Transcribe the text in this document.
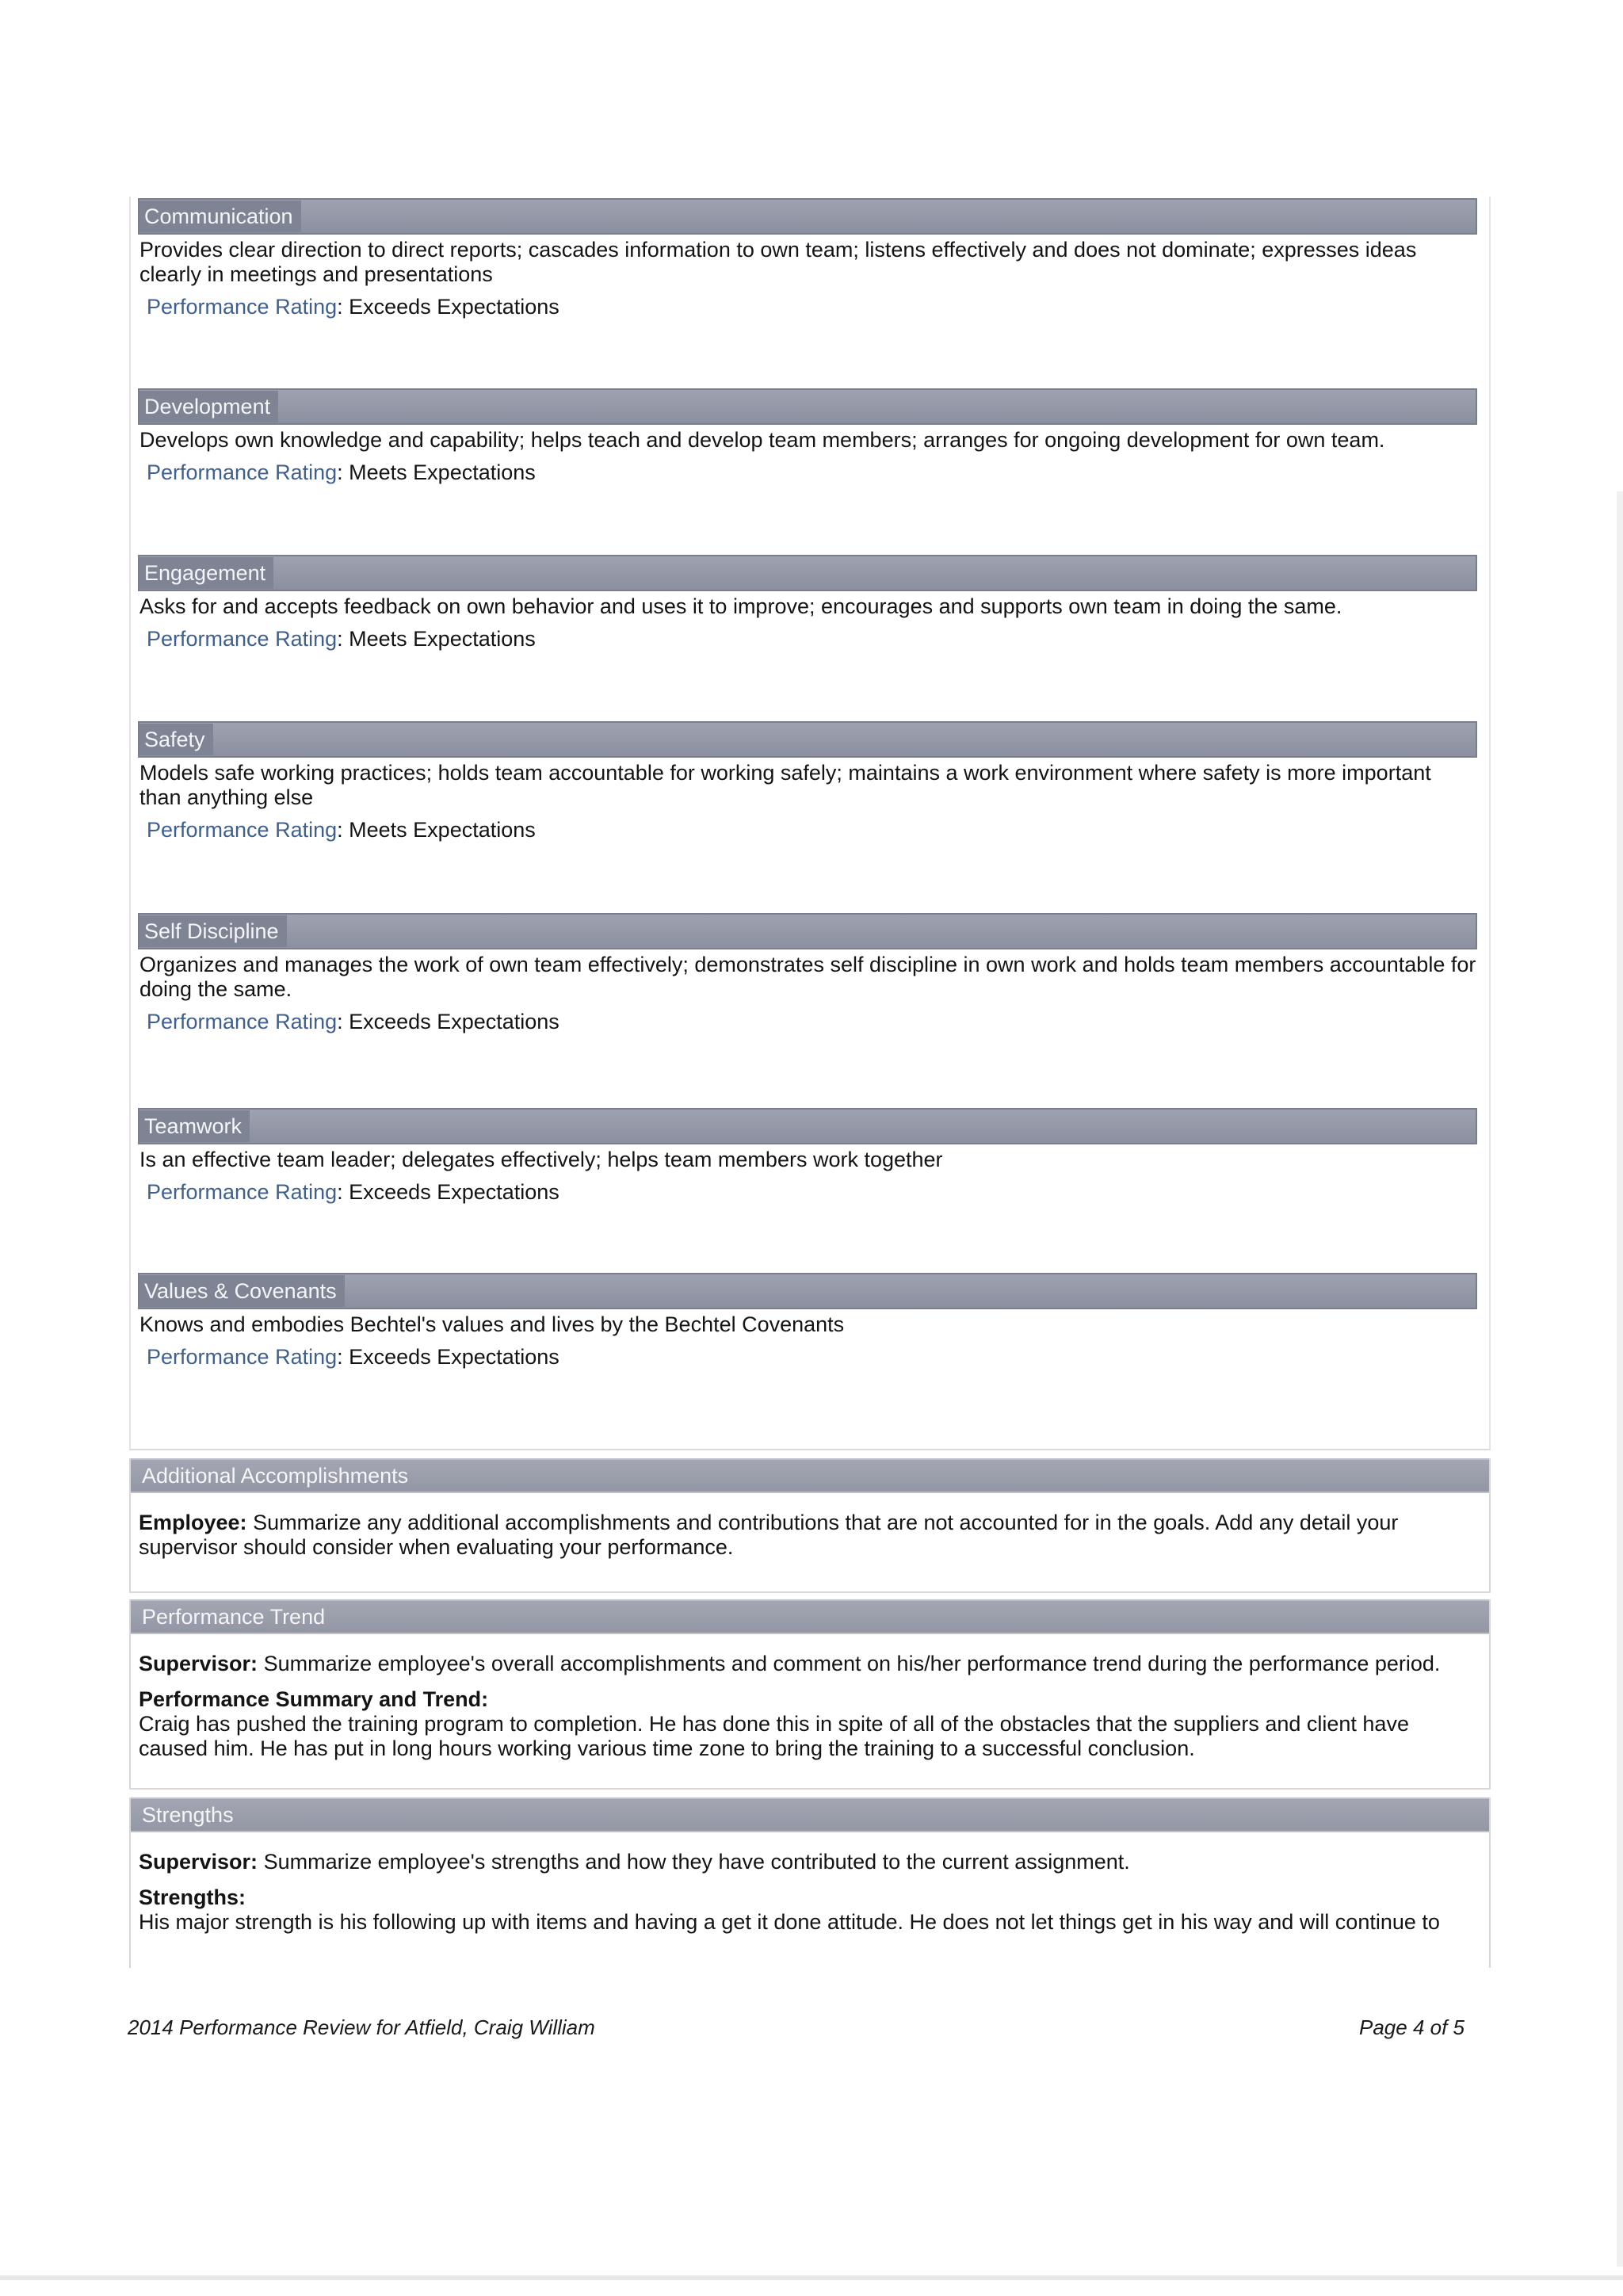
Communication
Provides clear direction to direct reports; cascades information to own team; listens effectively and does not dominate; expresses ideas clearly in meetings and presentations
Performance Rating: Exceeds Expectations
Development
Develops own knowledge and capability; helps teach and develop team members; arranges for ongoing development for own team.
Performance Rating: Meets Expectations
Engagement
Asks for and accepts feedback on own behavior and uses it to improve; encourages and supports own team in doing the same.
Performance Rating: Meets Expectations
Safety
Models safe working practices; holds team accountable for working safely; maintains a work environment where safety is more important than anything else
Performance Rating: Meets Expectations
Self Discipline
Organizes and manages the work of own team effectively; demonstrates self discipline in own work and holds team members accountable for doing the same.
Performance Rating: Exceeds Expectations
Teamwork
Is an effective team leader; delegates effectively; helps team members work together
Performance Rating: Exceeds Expectations
Values & Covenants
Knows and embodies Bechtel's values and lives by the Bechtel Covenants
Performance Rating: Exceeds Expectations
Additional Accomplishments
Employee: Summarize any additional accomplishments and contributions that are not accounted for in the goals. Add any detail your supervisor should consider when evaluating your performance.
Performance Trend
Supervisor: Summarize employee's overall accomplishments and comment on his/her performance trend during the performance period.
Performance Summary and Trend:
Craig has pushed the training program to completion. He has done this in spite of all of the obstacles that the suppliers and client have caused him. He has put in long hours working various time zone to bring the training to a successful conclusion.
Strengths
Supervisor: Summarize employee's strengths and how they have contributed to the current assignment.
Strengths:
His major strength is his following up with items and having a get it done attitude. He does not let things get in his way and will continue to
2014 Performance Review for Atfield, Craig William	Page 4 of 5
